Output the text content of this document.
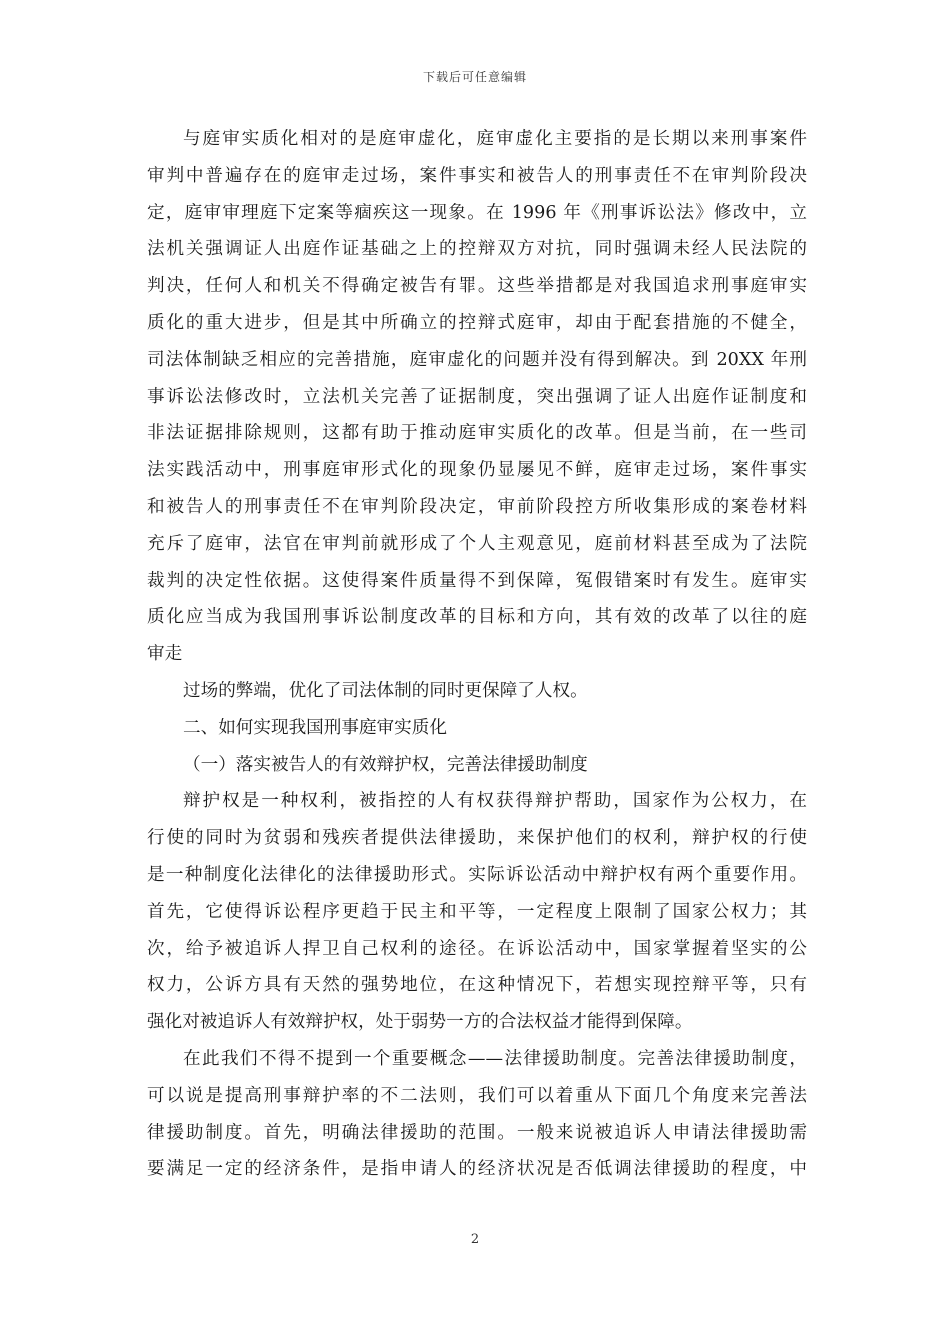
下载后可任意编辑
与庭审实质化相对的是庭审虚化，庭审虚化主要指的是长期以来刑事案件
审判中普遍存在的庭审走过场，案件事实和被告人的刑事责任不在审判阶段决
定，庭审审理庭下定案等痼疾这一现象。在 1996 年《刑事诉讼法》修改中，立
法机关强调证人出庭作证基础之上的控辩双方对抗，同时强调未经人民法院的
判决，任何人和机关不得确定被告有罪。这些举措都是对我国追求刑事庭审实
质化的重大进步，但是其中所确立的控辩式庭审，却由于配套措施的不健全，
司法体制缺乏相应的完善措施，庭审虚化的问题并没有得到解决。到 20XX 年刑
事诉讼法修改时，立法机关完善了证据制度，突出强调了证人出庭作证制度和
非法证据排除规则，这都有助于推动庭审实质化的改革。但是当前，在一些司
法实践活动中，刑事庭审形式化的现象仍显屡见不鲜，庭审走过场，案件事实
和被告人的刑事责任不在审判阶段决定，审前阶段控方所收集形成的案卷材料
充斥了庭审，法官在审判前就形成了个人主观意见，庭前材料甚至成为了法院
裁判的决定性依据。这使得案件质量得不到保障，冤假错案时有发生。庭审实
质化应当成为我国刑事诉讼制度改革的目标和方向，其有效的改革了以往的庭
审走
过场的弊端，优化了司法体制的同时更保障了人权。
二、如何实现我国刑事庭审实质化
（一）落实被告人的有效辩护权，完善法律援助制度
辩护权是一种权利，被指控的人有权获得辩护帮助，国家作为公权力，在
行使的同时为贫弱和残疾者提供法律援助，来保护他们的权利，辩护权的行使
是一种制度化法律化的法律援助形式。实际诉讼活动中辩护权有两个重要作用。
首先，它使得诉讼程序更趋于民主和平等，一定程度上限制了国家公权力；其
次，给予被追诉人捍卫自己权利的途径。在诉讼活动中，国家掌握着坚实的公
权力，公诉方具有天然的强势地位，在这种情况下，若想实现控辩平等，只有
强化对被追诉人有效辩护权，处于弱势一方的合法权益才能得到保障。
在此我们不得不提到一个重要概念——法律援助制度。完善法律援助制度，
可以说是提高刑事辩护率的不二法则，我们可以着重从下面几个角度来完善法
律援助制度。首先，明确法律援助的范围。一般来说被追诉人申请法律援助需
要满足一定的经济条件，是指申请人的经济状况是否低调法律援助的程度，中
2
